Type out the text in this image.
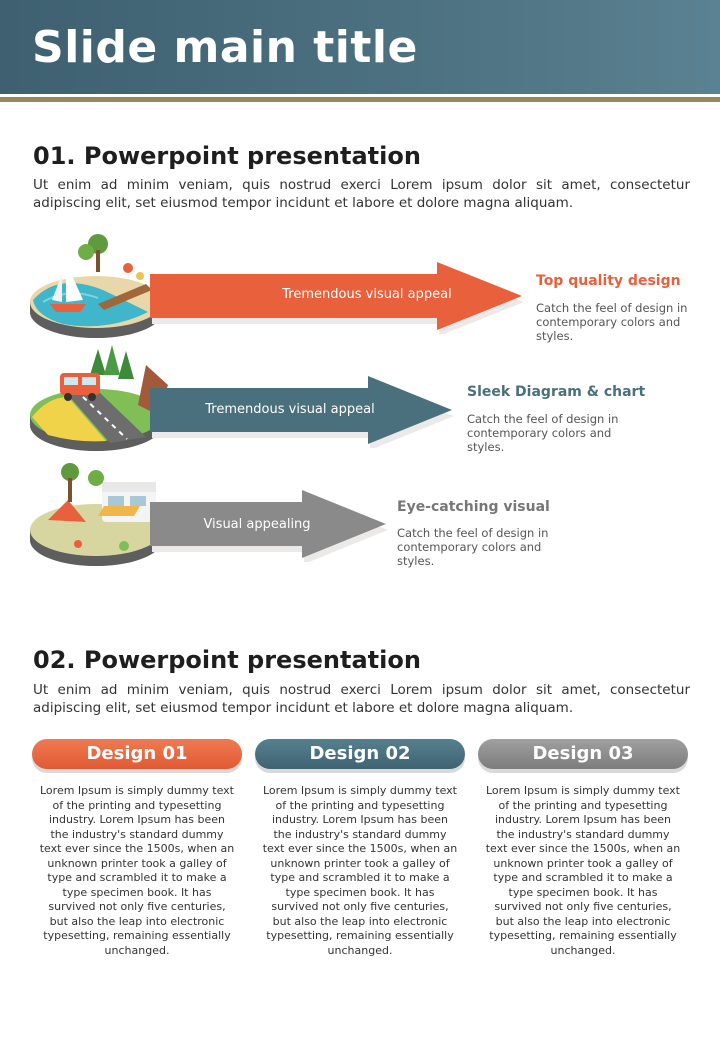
Slide main title
01. Powerpoint presentation
Ut enim ad minim veniam, quis nostrud exerci Lorem ipsum dolor sit amet, consectetur adipiscing elit, set eiusmod tempor incidunt et labore et dolore magna aliquam.
Tremendous visual appeal
Top quality design
Catch the feel of design in contemporary colors and styles.
Tremendous visual appeal
Sleek Diagram & chart
Catch the feel of design in contemporary colors and styles.
Visual appealing
Eye-catching visual
Catch the feel of design in contemporary colors and styles.
02. Powerpoint presentation
Ut enim ad minim veniam, quis nostrud exerci Lorem ipsum dolor sit amet, consectetur adipiscing elit, set eiusmod tempor incidunt et labore et dolore magna aliquam.
Design 01	Design 02	Design 03
Lorem Ipsum is simply dummy text of the printing and typesetting industry. Lorem Ipsum has been the industry's standard dummy text ever since the 1500s, when an unknown printer took a galley of type and scrambled it to make a type specimen book. It has survived not only five centuries, but also the leap into electronic typesetting, remaining essentially unchanged.
Lorem Ipsum is simply dummy text of the printing and typesetting industry. Lorem Ipsum has been the industry's standard dummy text ever since the 1500s, when an unknown printer took a galley of type and scrambled it to make a type specimen book. It has survived not only five centuries, but also the leap into electronic typesetting, remaining essentially unchanged.
Lorem Ipsum is simply dummy text of the printing and typesetting industry. Lorem Ipsum has been the industry's standard dummy text ever since the 1500s, when an unknown printer took a galley of type and scrambled it to make a type specimen book. It has survived not only five centuries, but also the leap into electronic typesetting, remaining essentially unchanged.
